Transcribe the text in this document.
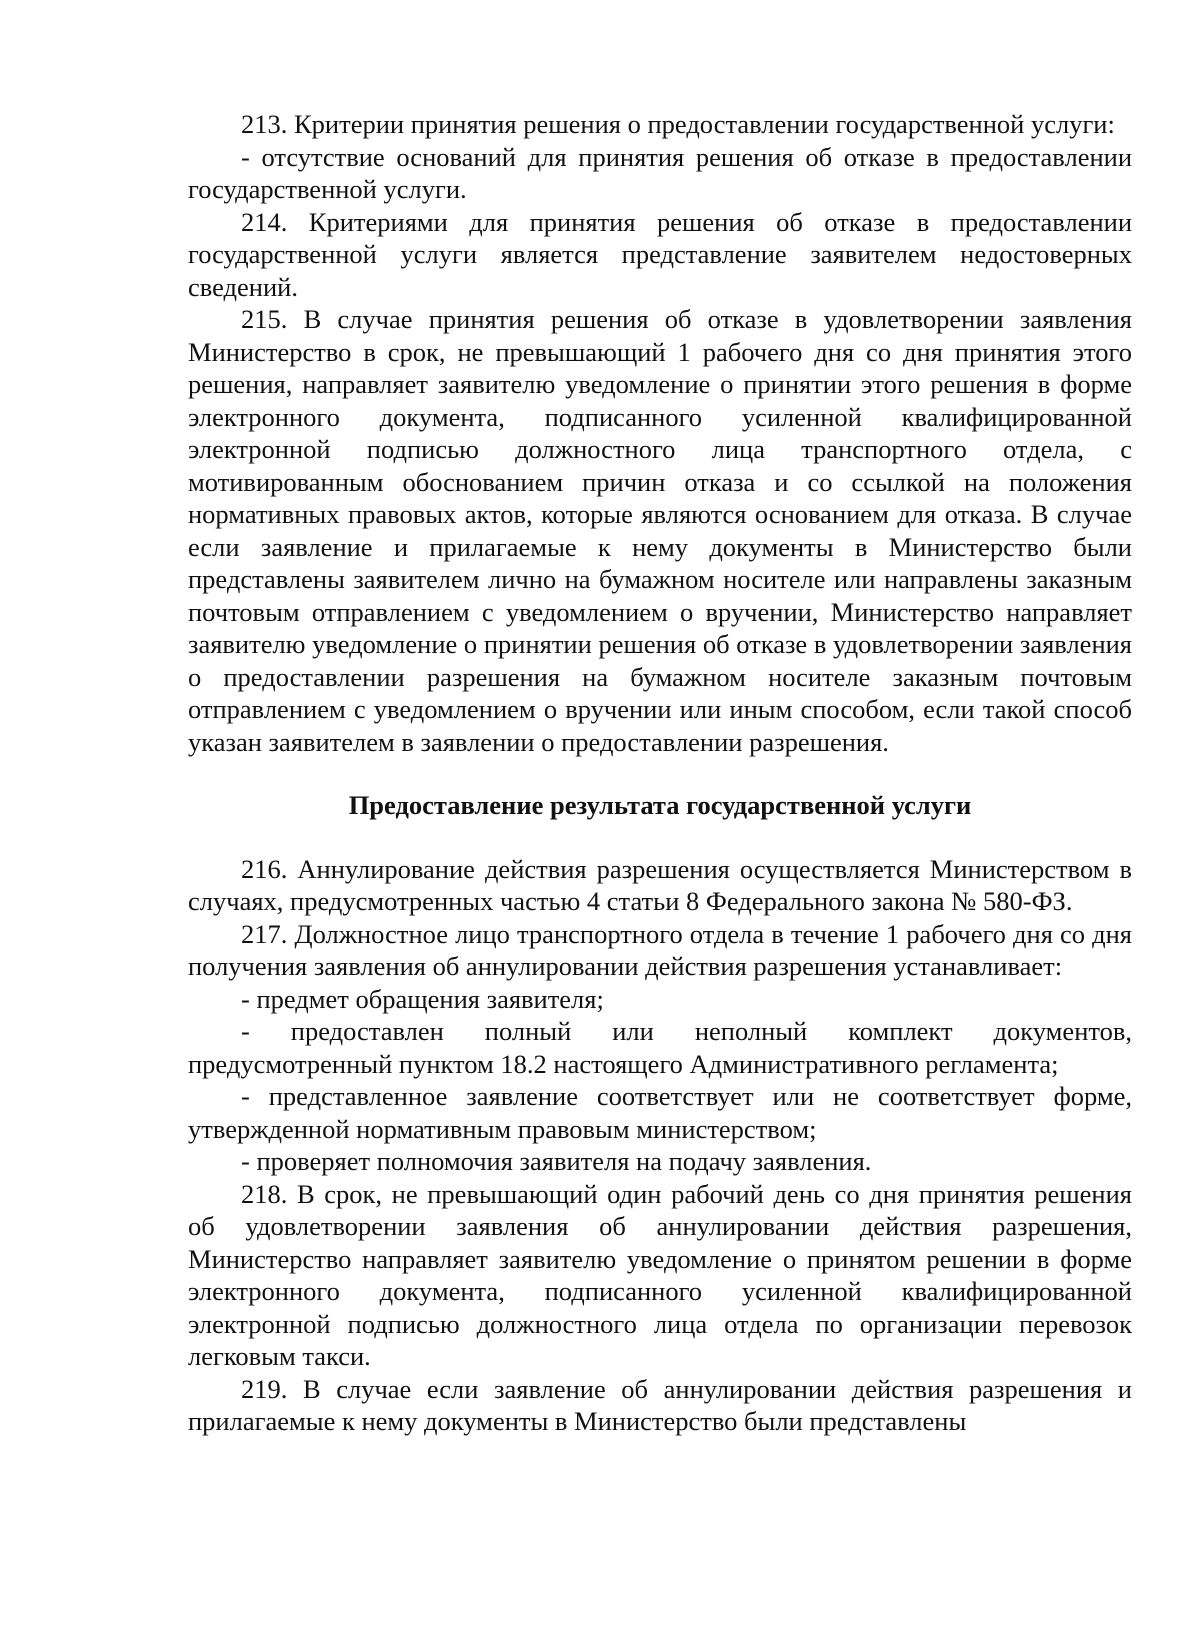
213. Критерии принятия решения о предоставлении государственной услуги:

- отсутствие оснований для принятия решения об отказе в предоставлении государственной услуги.

214. Критериями для принятия решения об отказе в предоставлении государственной услуги является представление заявителем недостоверных сведений.

215. В случае принятия решения об отказе в удовлетворении заявления Министерство в срок, не превышающий 1 рабочего дня со дня принятия этого решения, направляет заявителю уведомление о принятии этого решения в форме электронного документа, подписанного усиленной квалифицированной электронной подписью должностного лица транспортного отдела, с мотивированным обоснованием причин отказа и со ссылкой на положения нормативных правовых актов, которые являются основанием для отказа. В случае если заявление и прилагаемые к нему документы в Министерство были представлены заявителем лично на бумажном носителе или направлены заказным почтовым отправлением с уведомлением о вручении, Министерство направляет заявителю уведомление о принятии решения об отказе в удовлетворении заявления о предоставлении разрешения на бумажном носителе заказным почтовым отправлением с уведомлением о вручении или иным способом, если такой способ указан заявителем в заявлении о предоставлении разрешения.

Предоставление результата государственной услуги

216. Аннулирование действия разрешения осуществляется Министерством в случаях, предусмотренных частью 4 статьи 8 Федерального закона № 580-ФЗ.

217. Должностное лицо транспортного отдела в течение 1 рабочего дня со дня получения заявления об аннулировании действия разрешения устанавливает:

- предмет обращения заявителя;

- предоставлен полный или неполный комплект документов, предусмотренный пунктом 18.2 настоящего Административного регламента;

- представленное заявление соответствует или не соответствует форме, утвержденной нормативным правовым министерством;

- проверяет полномочия заявителя на подачу заявления.

218. В срок, не превышающий один рабочий день со дня принятия решения об удовлетворении заявления об аннулировании действия разрешения, Министерство направляет заявителю уведомление о принятом решении в форме электронного документа, подписанного усиленной квалифицированной электронной подписью должностного лица отдела по организации перевозок легковым такси.

219. В случае если заявление об аннулировании действия разрешения и прилагаемые к нему документы в Министерство были представлены
